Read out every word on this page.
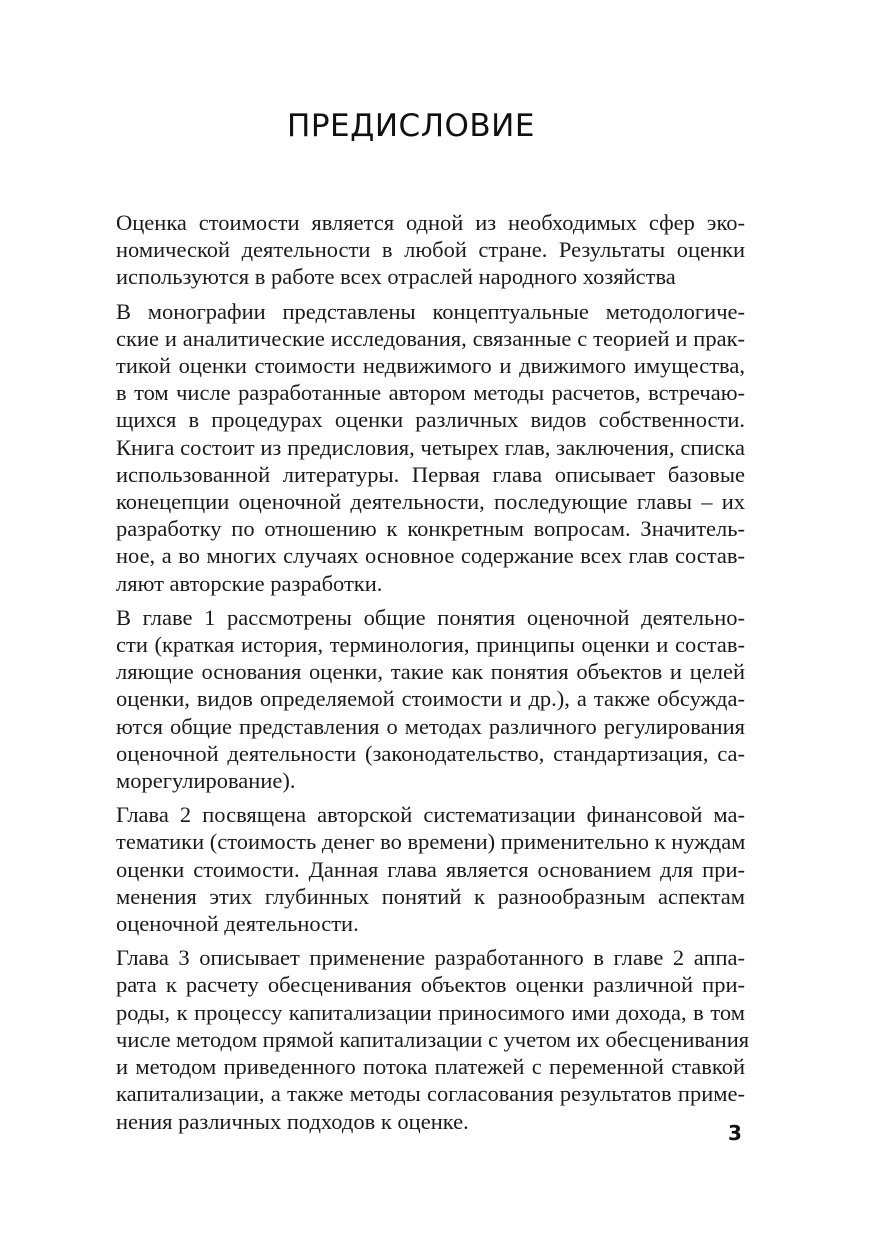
ПРЕДИСЛОВИЕ

Оценка стоимости является одной из необходимых сфер эко-
номической деятельности в любой стране. Результаты оценки
используются в работе всех отраслей народного хозяйства

В монографии представлены концептуальные методологиче-
ские и аналитические исследования, связанные с теорией и прак-
тикой оценки стоимости недвижимого и движимого имущества,
в том числе разработанные автором методы расчетов, встречаю-
щихся в процедурах оценки различных видов собственности.
Книга состоит из предисловия, четырех глав, заключения, списка
использованной литературы. Первая глава описывает базовые
конецепции оценочной деятельности, последующие главы – их
разработку по отношению к конкретным вопросам. Значитель-
ное, а во многих случаях основное содержание всех глав состав-
ляют авторские разработки.

В главе 1 рассмотрены общие понятия оценочной деятельно-
сти (краткая история, терминология, принципы оценки и состав-
ляющие основания оценки, такие как понятия объектов и целей
оценки, видов определяемой стоимости и др.), а также обсужда-
ются общие представления о методах различного регулирования
оценочной деятельности (законодательство, стандартизация, са-
морегулирование).

Глава 2 посвящена авторской систематизации финансовой ма-
тематики (стоимость денег во времени) применительно к нуждам
оценки стоимости. Данная глава является основанием для при-
менения этих глубинных понятий к разнообразным аспектам
оценочной деятельности.

Глава 3 описывает применение разработанного в главе 2 аппа-
рата к расчету обесценивания объектов оценки различной при-
роды, к процессу капитализации приносимого ими дохода, в том
числе методом прямой капитализации с учетом их обесценивания
и методом приведенного потока платежей с переменной ставкой
капитализации, а также методы согласования результатов приме-
нения различных подходов к оценке.	3
